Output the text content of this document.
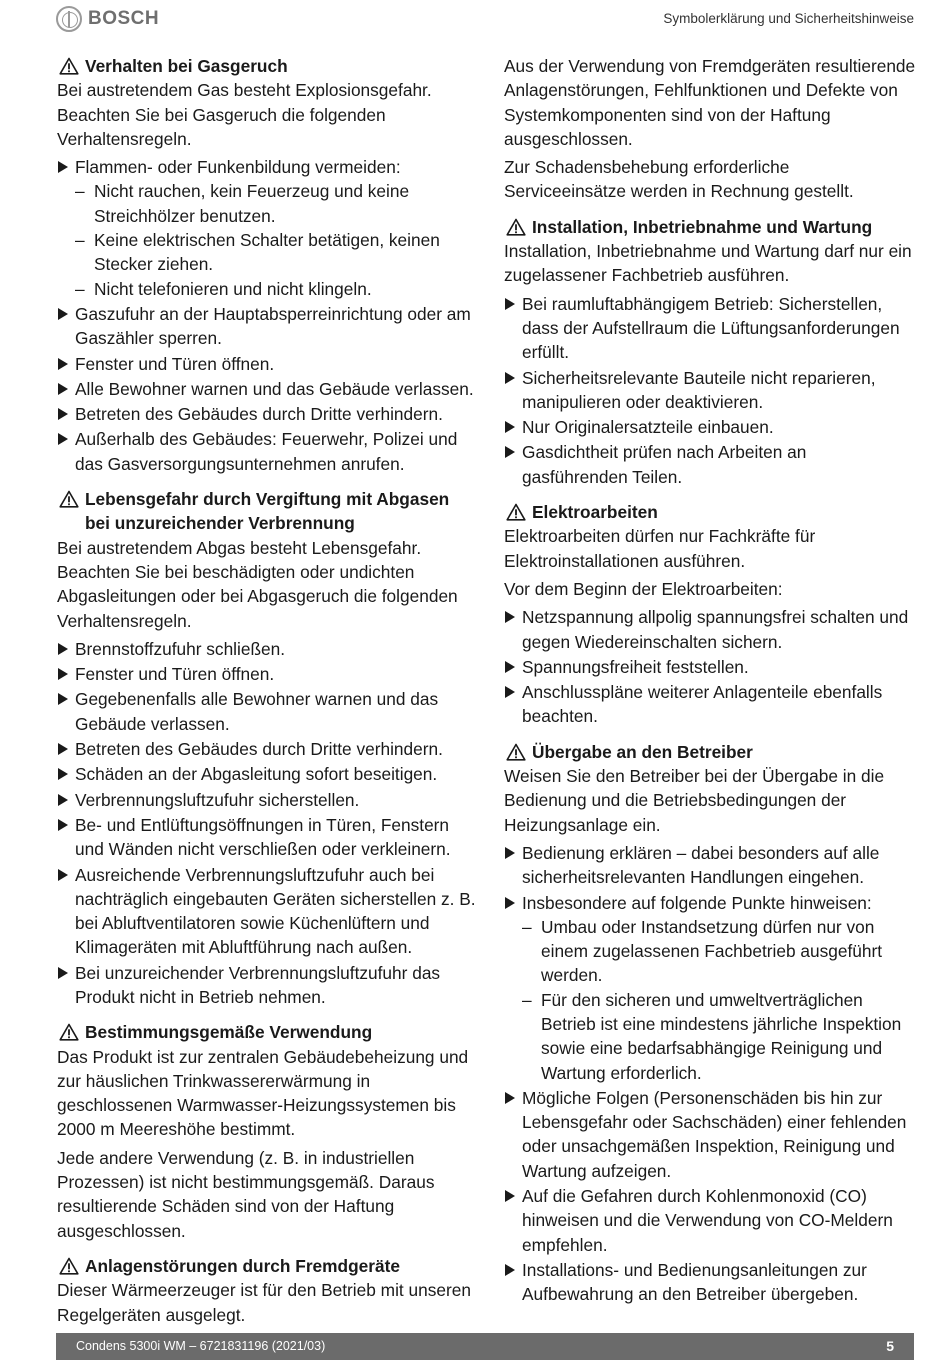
BOSCH	Symbolerklärung und Sicherheitshinweise
Verhalten bei Gasgeruch

Bei austretendem Gas besteht Explosionsgefahr. Beachten Sie bei Gasgeruch die folgenden Verhaltensregeln.

Flammen- oder Funkenbildung vermeiden:
– Nicht rauchen, kein Feuerzeug und keine Streichhölzer benutzen.
– Keine elektrischen Schalter betätigen, keinen Stecker ziehen.
– Nicht telefonieren und nicht klingeln.
Gaszufuhr an der Hauptabsperreinrichtung oder am Gaszähler sperren.
Fenster und Türen öffnen.
Alle Bewohner warnen und das Gebäude verlassen.
Betreten des Gebäudes durch Dritte verhindern.
Außerhalb des Gebäudes: Feuerwehr, Polizei und das Gasversorgungsunternehmen anrufen.
Lebensgefahr durch Vergiftung mit Abgasen
bei unzureichender Verbrennung

Bei austretendem Abgas besteht Lebensgefahr. Beachten Sie bei beschädigten oder undichten Abgasleitungen oder bei Abgasgeruch die folgenden Verhaltensregeln.

Brennstoffzufuhr schließen.
Fenster und Türen öffnen.
Gegebenenfalls alle Bewohner warnen und das Gebäude verlassen.
Betreten des Gebäudes durch Dritte verhindern.
Schäden an der Abgasleitung sofort beseitigen.
Verbrennungsluftzufuhr sicherstellen.
Be- und Entlüftungsöffnungen in Türen, Fenstern und Wänden nicht verschließen oder verkleinern.
Ausreichende Verbrennungsluftzufuhr auch bei nachträglich eingebauten Geräten sicherstellen z. B. bei Abluftventilatoren sowie Küchenlüftern und Klimageräten mit Abluftführung nach außen.
Bei unzureichender Verbrennungsluftzufuhr das Produkt nicht in Betrieb nehmen.
Bestimmungsgemäße Verwendung

Das Produkt ist zur zentralen Gebäudebeheizung und zur häuslichen Trinkwassererwärmung in geschlossenen Warmwasser-Heizungssystemen bis 2000 m Meereshöhe bestimmt.

Jede andere Verwendung (z. B. in industriellen Prozessen) ist nicht bestimmungsgemäß. Daraus resultierende Schäden sind von der Haftung ausgeschlossen.

Anlagenstörungen durch Fremdgeräte

Dieser Wärmeerzeuger ist für den Betrieb mit unseren Regelgeräten ausgelegt.

Aus der Verwendung von Fremdgeräten resultierende Anlagenstörungen, Fehlfunktionen und Defekte von Systemkomponenten sind von der Haftung ausgeschlossen.

Zur Schadensbehebung erforderliche Serviceeinsätze werden in Rechnung gestellt.

Installation, Inbetriebnahme und Wartung

Installation, Inbetriebnahme und Wartung darf nur ein zugelassener Fachbetrieb ausführen.

Bei raumluftabhängigem Betrieb: Sicherstellen, dass der Aufstellraum die Lüftungsanforderungen erfüllt.
Sicherheitsrelevante Bauteile nicht reparieren, manipulieren oder deaktivieren.
Nur Originalersatzteile einbauen.
Gasdichtheit prüfen nach Arbeiten an gasführenden Teilen.
Elektroarbeiten

Elektroarbeiten dürfen nur Fachkräfte für Elektroinstallationen ausführen.

Vor dem Beginn der Elektroarbeiten:

Netzspannung allpolig spannungsfrei schalten und gegen Wiedereinschalten sichern.
Spannungsfreiheit feststellen.
Anschlusspläne weiterer Anlagenteile ebenfalls beachten.
Übergabe an den Betreiber

Weisen Sie den Betreiber bei der Übergabe in die Bedienung und die Betriebsbedingungen der Heizungsanlage ein.

Bedienung erklären – dabei besonders auf alle sicherheitsrelevanten Handlungen eingehen.
Insbesondere auf folgende Punkte hinweisen:
– Umbau oder Instandsetzung dürfen nur von einem zugelassenen Fachbetrieb ausgeführt werden.
– Für den sicheren und umweltverträglichen Betrieb ist eine mindestens jährliche Inspektion sowie eine bedarfsabhängige Reinigung und Wartung erforderlich.
Mögliche Folgen (Personenschäden bis hin zur Lebensgefahr oder Sachschäden) einer fehlenden oder unsachgemäßen Inspektion, Reinigung und Wartung aufzeigen.
Auf die Gefahren durch Kohlenmonoxid (CO) hinweisen und die Verwendung von CO-Meldern empfehlen.
Installations- und Bedienungsanleitungen zur Aufbewahrung an den Betreiber übergeben.
Condens 5300i WM – 6721831196 (2021/03)	5
